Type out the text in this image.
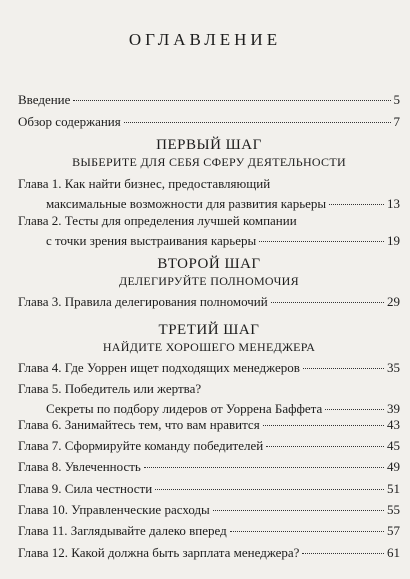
ОГЛАВЛЕНИЕ
Введение	5
Обзор содержания	7
ПЕРВЫЙ ШАГ
ВЫБЕРИТЕ ДЛЯ СЕБЯ СФЕРУ ДЕЯТЕЛЬНОСТИ
Глава 1. Как найти бизнес, предоставляющий
максимальные возможности для развития карьеры	13
Глава 2. Тесты для определения лучшей компании
с точки зрения выстраивания карьеры	19
ВТОРОЙ ШАГ
ДЕЛЕГИРУЙТЕ ПОЛНОМОЧИЯ
Глава 3. Правила делегирования полномочий	29
ТРЕТИЙ ШАГ
НАЙДИТЕ ХОРОШЕГО МЕНЕДЖЕРА
Глава 4. Где Уоррен ищет подходящих менеджеров	35
Глава 5. Победитель или жертва?
Секреты по подбору лидеров от Уоррена Баффета	39
Глава 6. Занимайтесь тем, что вам нравится	43
Глава 7. Сформируйте команду победителей	45
Глава 8. Увлеченность	49
Глава 9. Сила честности	51
Глава 10. Управленческие расходы	55
Глава 11. Заглядывайте далеко вперед	57
Глава 12. Какой должна быть зарплата менеджера?	61
